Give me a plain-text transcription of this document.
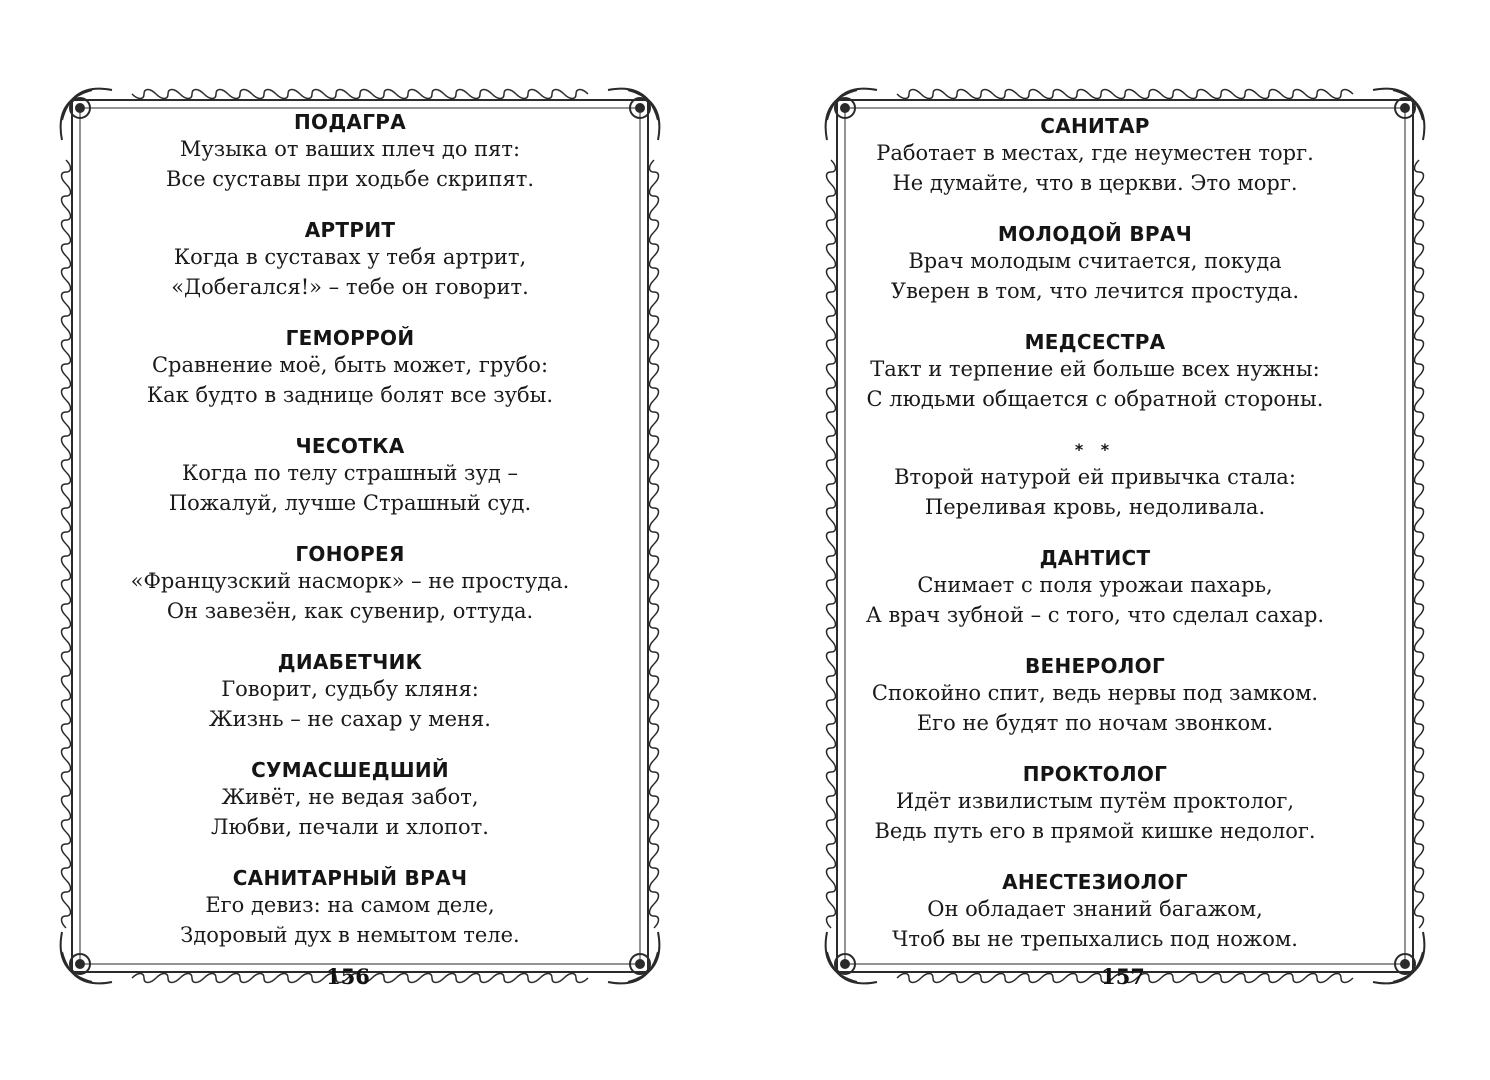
ПОДАГРА
Музыка от ваших плеч до пят:
Все суставы при ходьбе скрипят.
АРТРИТ
Когда в суставах у тебя артрит,
«Добегался!» – тебе он говорит.
ГЕМОРРОЙ
Сравнение моё, быть может, грубо:
Как будто в заднице болят все зубы.
ЧЕСОТКА
Когда по телу страшный зуд –
Пожалуй, лучше Страшный суд.
ГОНОРЕЯ
«Французский насморк» – не простуда.
Он завезён, как сувенир, оттуда.
ДИАБЕТЧИК
Говорит, судьбу кляня:
Жизнь – не сахар у меня.
СУМАСШЕДШИЙ
Живёт, не ведая забот,
Любви, печали и хлопот.
САНИТАРНЫЙ ВРАЧ
Его девиз: на самом деле,
Здоровый дух в немытом теле.
156
САНИТАР
Работает в местах, где неуместен торг.
Не думайте, что в церкви. Это морг.
МОЛОДОЙ ВРАЧ
Врач молодым считается, покуда
Уверен в том, что лечится простуда.
МЕДСЕСТРА
Такт и терпение ей больше всех нужны:
С людьми общается с обратной стороны.
* *
Второй натурой ей привычка стала:
Переливая кровь, недоливала.
ДАНТИСТ
Снимает с поля урожаи пахарь,
А врач зубной – с того, что сделал сахар.
ВЕНЕРОЛОГ
Спокойно спит, ведь нервы под замком.
Его не будят по ночам звонком.
ПРОКТОЛОГ
Идёт извилистым путём проктолог,
Ведь путь его в прямой кишке недолог.
АНЕСТЕЗИОЛОГ
Он обладает знаний багажом,
Чтоб вы не трепыхались под ножом.
157
